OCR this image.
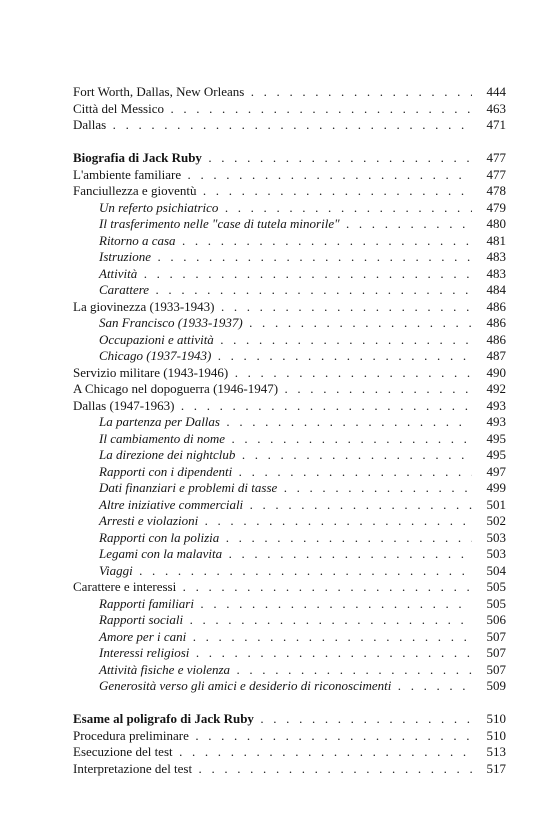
Fort Worth, Dallas, New Orleans . . .	444
Città del Messico . . .	463
Dallas . . .	471
Biografia di Jack Ruby . . .	477
L'ambiente familiare . . .	477
Fanciullezza e gioventù . . .	478
Un referto psichiatrico . . .	479
Il trasferimento nelle "case di tutela minorile" . . .	480
Ritorno a casa . . .	481
Istruzione . . .	483
Attività . . .	483
Carattere . . .	484
La giovinezza (1933-1943) . . .	486
San Francisco (1933-1937) . . .	486
Occupazioni e attività . . .	486
Chicago (1937-1943) . . .	487
Servizio militare (1943-1946) . . .	490
A Chicago nel dopoguerra (1946-1947) . . .	492
Dallas (1947-1963) . . .	493
La partenza per Dallas . . .	493
Il cambiamento di nome . . .	495
La direzione dei nightclub . . .	495
Rapporti con i dipendenti . . .	497
Dati finanziari e problemi di tasse . . .	499
Altre iniziative commerciali . . .	501
Arresti e violazioni . . .	502
Rapporti con la polizia . . .	503
Legami con la malavita . . .	503
Viaggi . . .	504
Carattere e interessi . . .	505
Rapporti familiari . . .	505
Rapporti sociali . . .	506
Amore per i cani . . .	507
Interessi religiosi . . .	507
Attività fisiche e violenza . . .	507
Generosità verso gli amici e desiderio di riconoscimenti . . .	509
Esame al poligrafo di Jack Ruby . . .	510
Procedura preliminare . . .	510
Esecuzione del test . . .	513
Interpretazione del test . . .	517
